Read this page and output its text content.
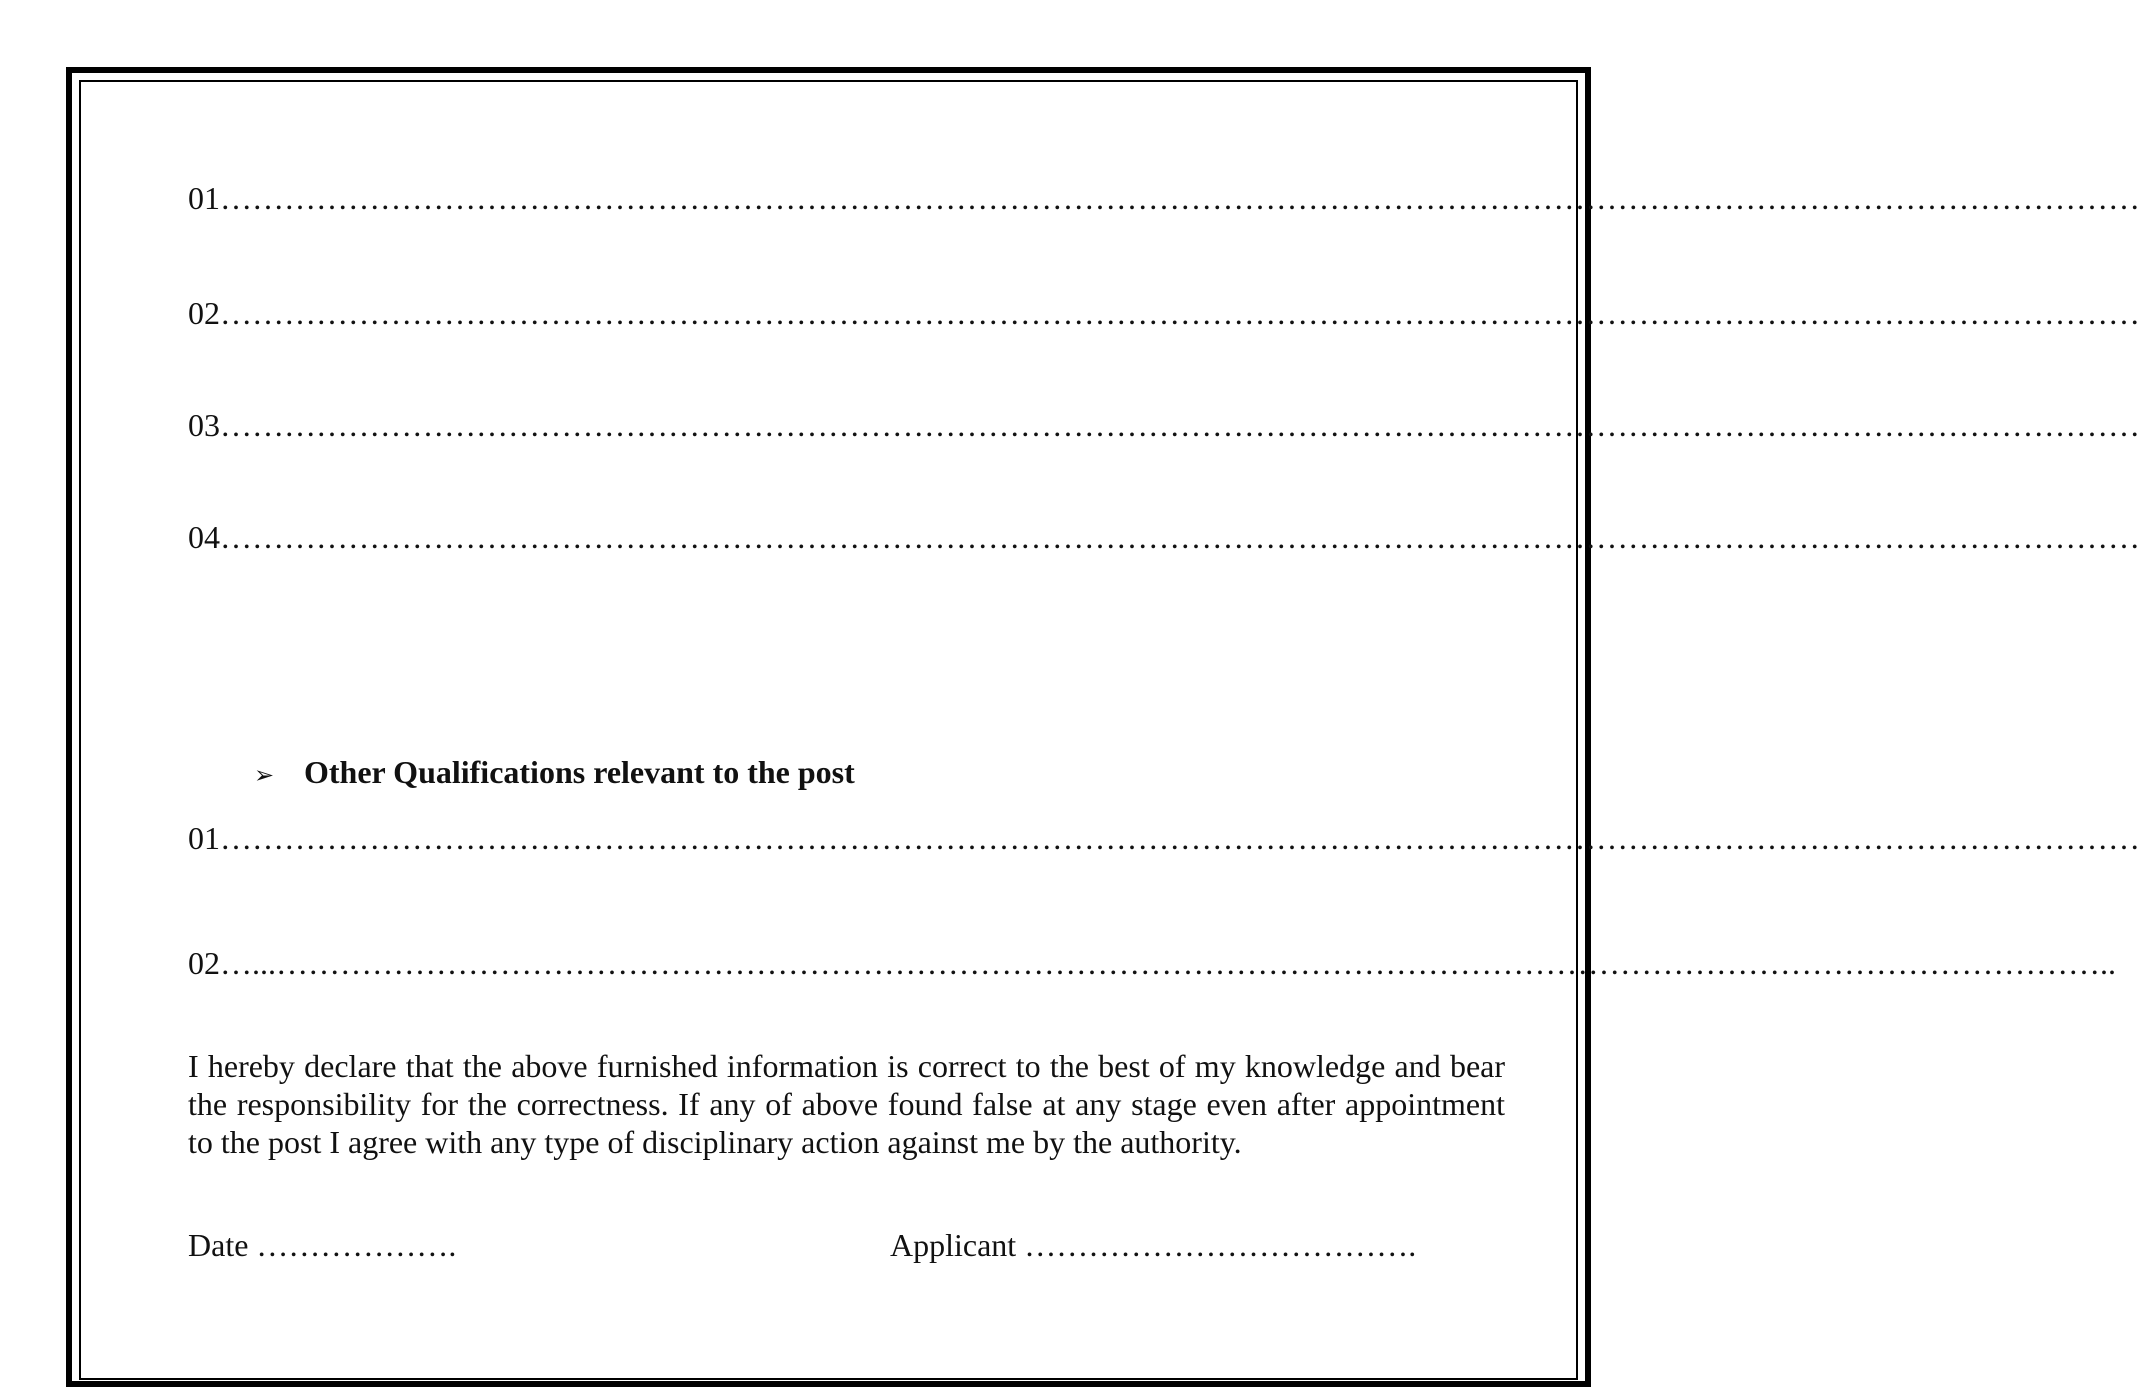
01………………………………………………………………………………………………………………………………………………………………
02………………………………………………………………………………………………………………………………………………………………
03………………………………………………………………………………………………………………………………………………………………
04………………………………………………………………………………………………………………………………………………………………

➢ Other Qualifications relevant to the post

01………………………………………………………………………………………………………………………………………………………………
02…...………………………………………………………………………………………………………………………………………………………..
I hereby declare that the above furnished information is correct to the best of my knowledge and bear the responsibility for the correctness. If any of above found false at any stage even after appointment to the post I agree with any type of disciplinary action against me by the authority.
Date ……………….	Applicant ……………………………….
